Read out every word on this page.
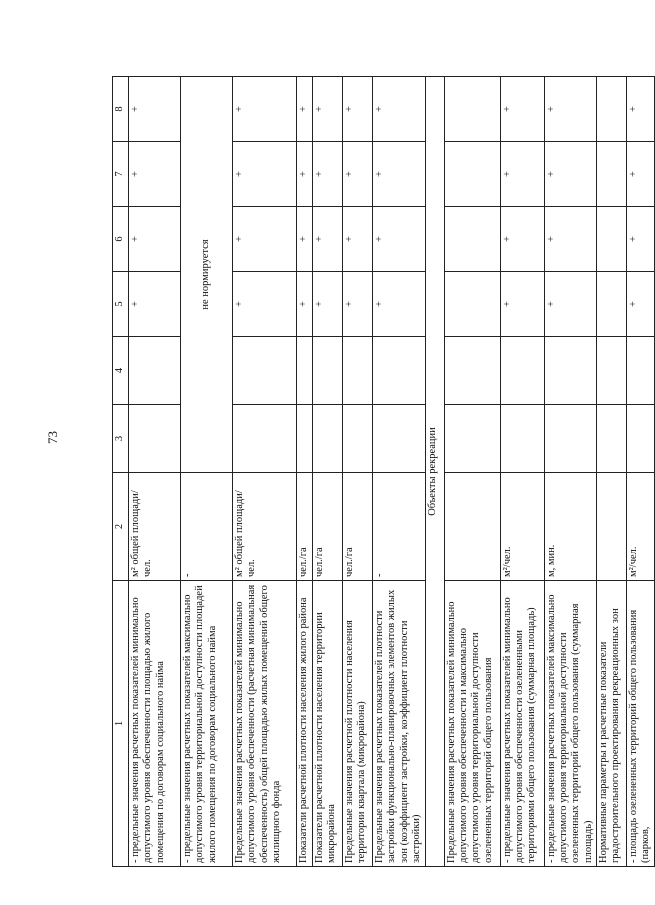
73
1	2	3	4	5	6	7	8
- предельные значения расчетных показателей минимально допустимого уровня обеспеченности площадью жилого помещения по договорам социального найма	м² общей площади/чел.			+	+	+	+
- предельные значения расчетных показателей максимально допустимого уровня территориальной доступности площадей жилого помещения по договорам социального найма	-	не нормируется					
Предельные значения расчетных показателей минимально допустимого уровня обеспеченности (расчетная минимальная обеспеченность) общей площадью жилых помещений общего жилищного фонда	м² общей площади/чел.			+	+	+	+
Показатели расчетной плотности населения жилого района	чел./га			+	+	+	+
Показатели расчетной плотности населения территории микрорайона	чел./га			+	+	+	+
Предельные значения расчетной плотности населения территории квартала (микрорайона)	чел./га			+	+	+	+
Предельные значения расчетных показателей плотности застройки функционально-планировочных элементов жилых зон (коэффициент застройки, коэффициент плотности застройки)	-			+	+	+	+
Объекты рекреации							
Предельные значения расчетных показателей минимально допустимого уровня обеспеченности и максимально допустимого уровня территориальной доступности озелененных территорий общего пользования							
- предельные значения расчетных показателей минимально допустимого уровня обеспеченности озелененными территориями общего пользования (суммарная площадь)	м²/чел.			+	+	+	+
- предельные значения расчетных показателей максимально допустимого уровня территориальной доступности озелененных территорий общего пользования (суммарная площадь)	м, мин.			+	+	+	+
Нормативные параметры и расчетные показатели градостроительного проектирования рекреационных зон							
- площадь озелененных территорий общего пользования (парков,	м²/чел.			+	+	+	+
